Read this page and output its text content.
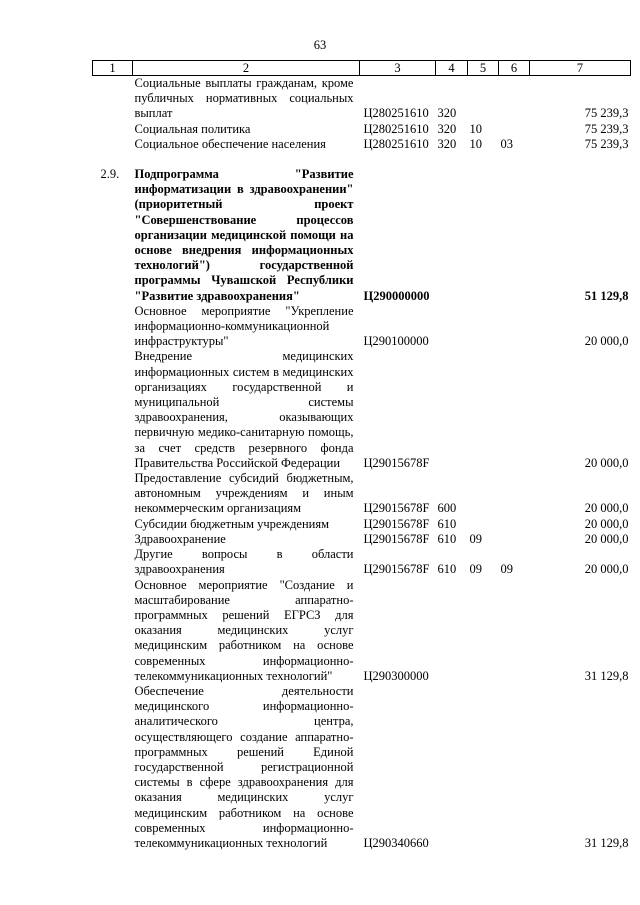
63
1	2	3	4	5	6	7
	Социальные выплаты гражданам, кроме публичных нормативных социальных выплат	Ц280251610	320			75 239,3
	Социальная политика	Ц280251610	320	10		75 239,3
	Социальное обеспечение населения	Ц280251610	320	10	03	75 239,3

2.9.	Подпрограмма "Развитие информатизации в здравоохранении" (приоритетный проект "Совершенствование процессов организации медицинской помощи на основе внедрения информационных технологий") государственной программы Чувашской Республики "Развитие здравоохранения"	Ц290000000				51 129,8
	Основное мероприятие "Укрепление информационно-коммуникационной инфраструктуры"	Ц290100000				20 000,0
	Внедрение медицинских информационных систем в медицинских организациях государственной и муниципальной системы здравоохранения, оказывающих первичную медико-санитарную помощь, за счет средств резервного фонда Правительства Российской Федерации	Ц29015678F				20 000,0
	Предоставление субсидий бюджетным, автономным учреждениям и иным некоммерческим организациям	Ц29015678F	600			20 000,0
	Субсидии бюджетным учреждениям	Ц29015678F	610			20 000,0
	Здравоохранение	Ц29015678F	610	09		20 000,0
	Другие вопросы в области здравоохранения	Ц29015678F	610	09	09	20 000,0
	Основное мероприятие "Создание и масштабирование аппаратно-программных решений ЕГРСЗ для оказания медицинских услуг медицинским работником на основе современных информационно-телекоммуникационных технологий"	Ц290300000				31 129,8
	Обеспечение деятельности медицинского информационно-аналитического центра, осуществляющего создание аппаратно-программных решений Единой государственной регистрационной системы в сфере здравоохранения для оказания медицинских услуг медицинским работником на основе современных информационно-телекоммуникационных технологий	Ц290340660				31 129,8
